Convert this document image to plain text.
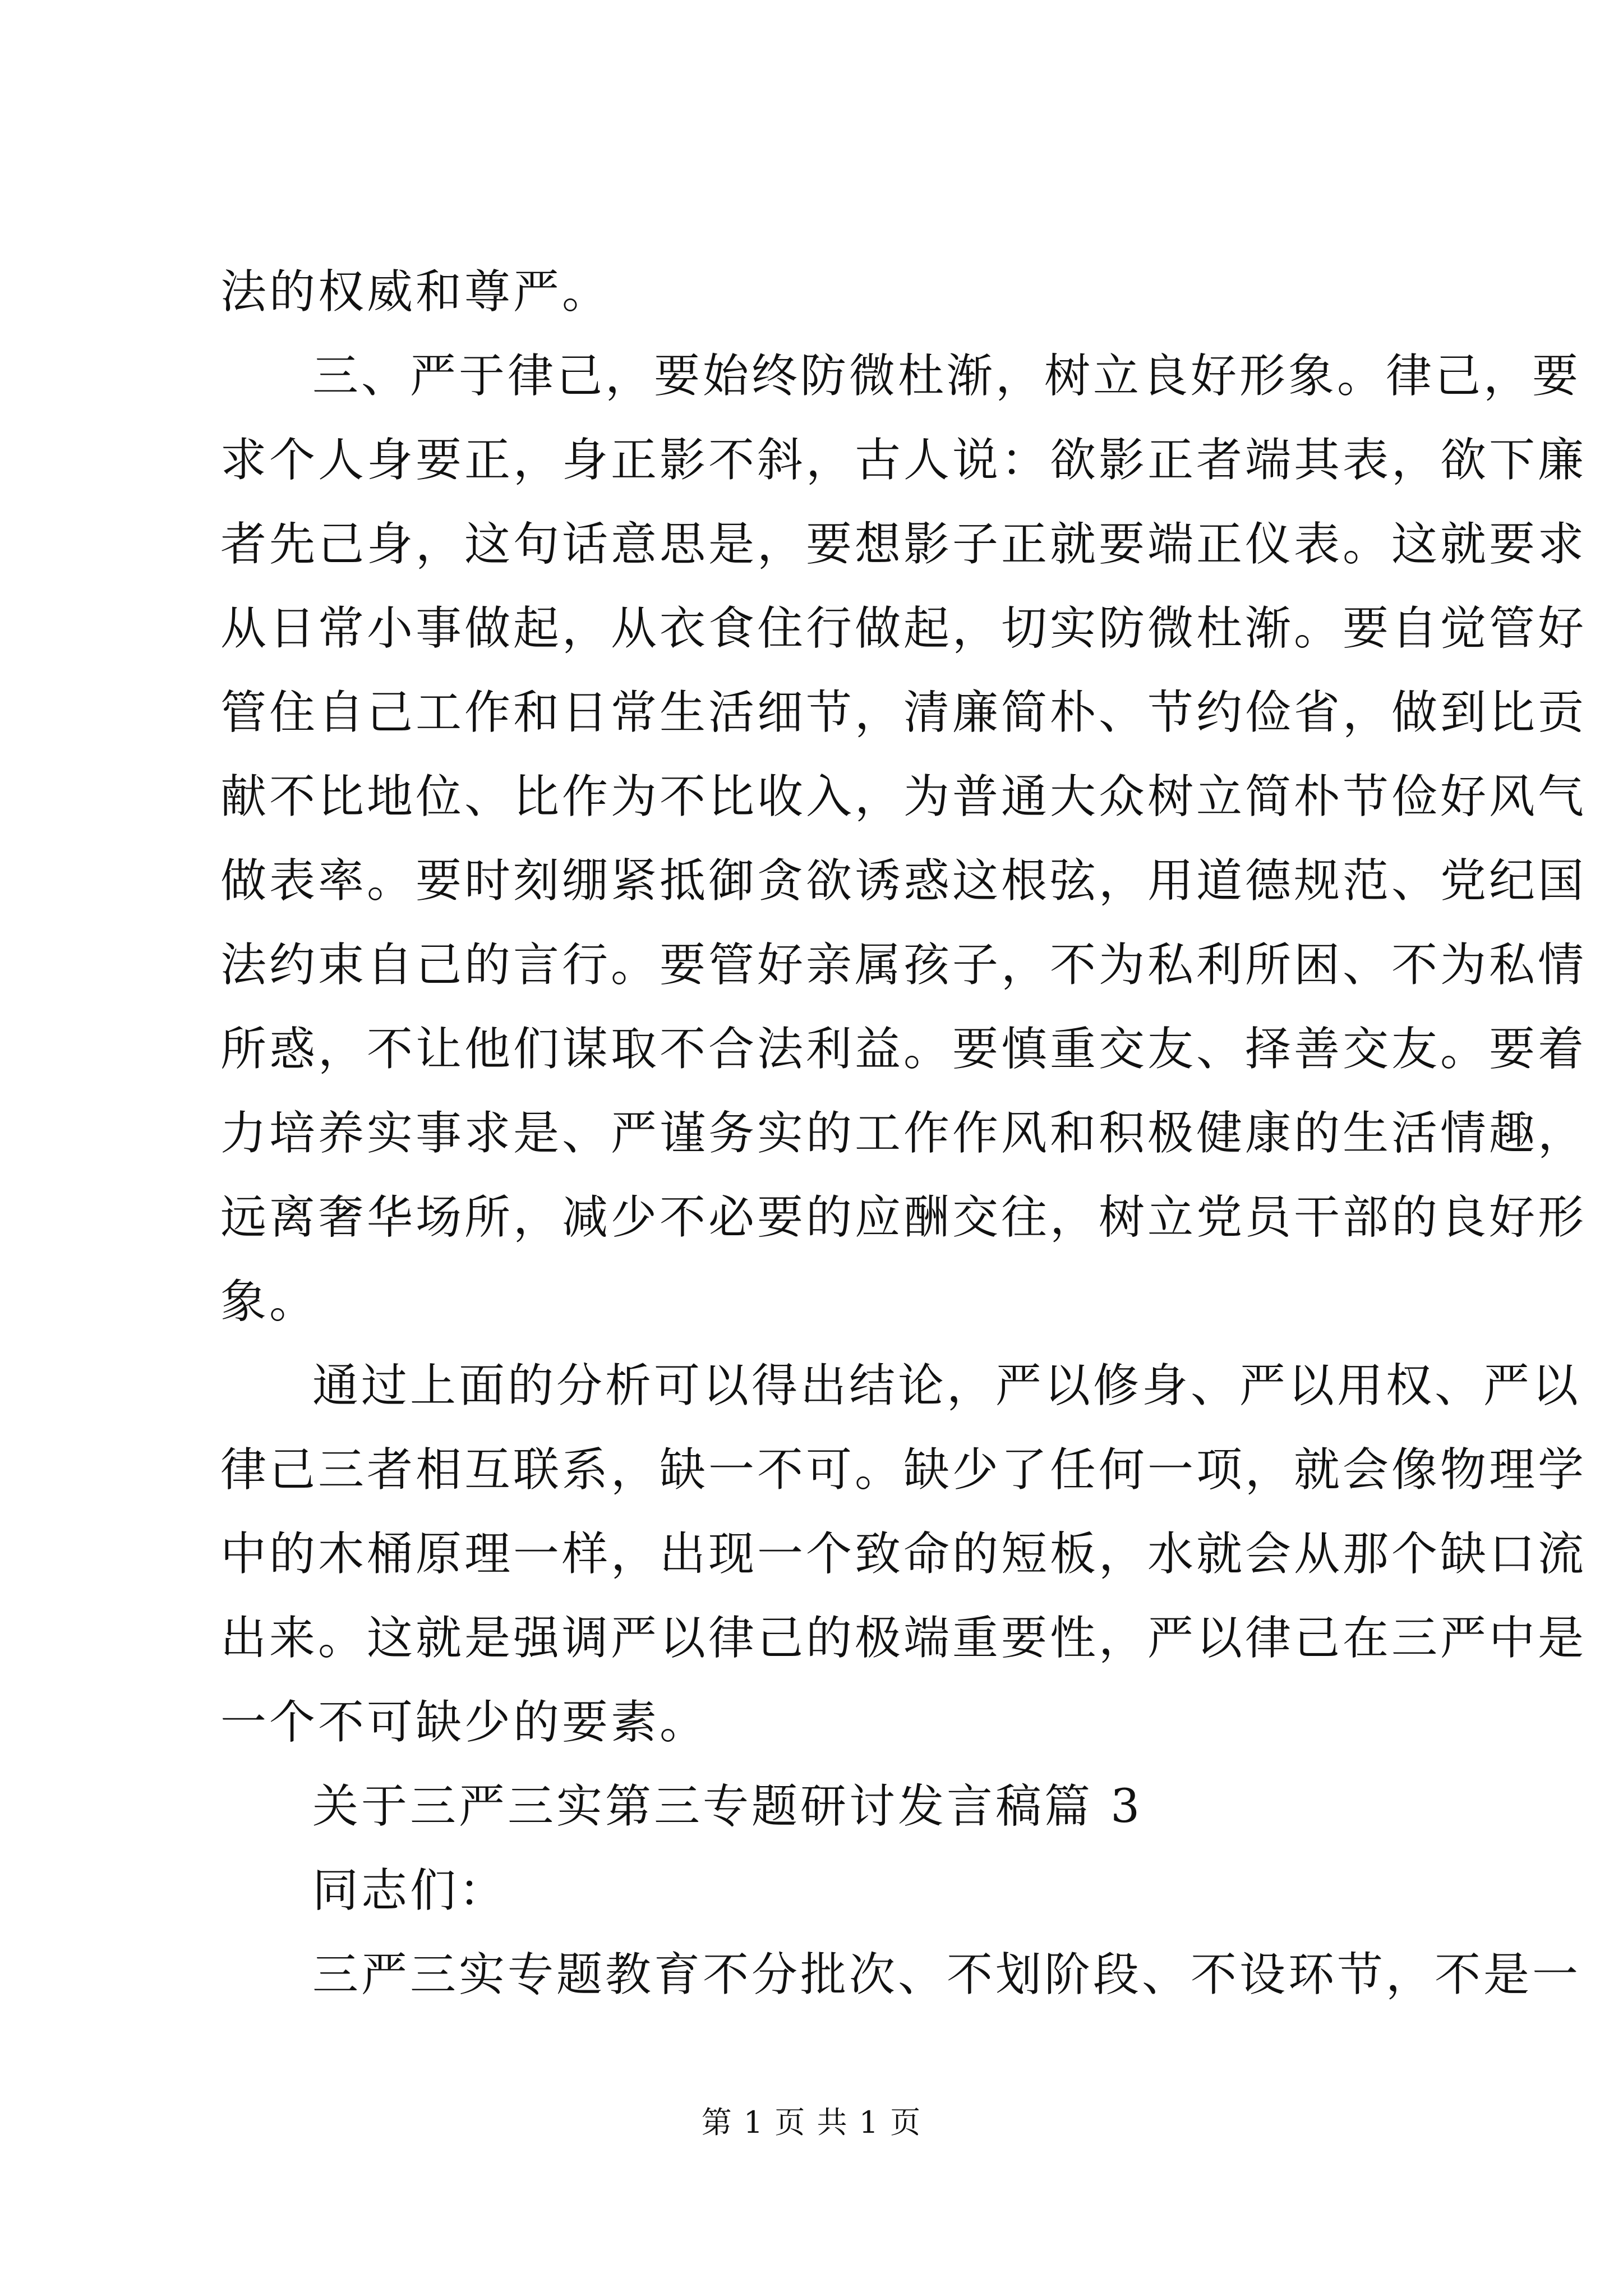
法的权威和尊严。
三、严于律己，要始终防微杜渐，树立良好形象。律己，要
求个人身要正，身正影不斜，古人说：欲影正者端其表，欲下廉
者先己身，这句话意思是，要想影子正就要端正仪表。这就要求
从日常小事做起，从衣食住行做起，切实防微杜渐。要自觉管好
管住自己工作和日常生活细节，清廉简朴、节约俭省，做到比贡
献不比地位、比作为不比收入，为普通大众树立简朴节俭好风气
做表率。要时刻绷紧抵御贪欲诱惑这根弦，用道德规范、党纪国
法约束自己的言行。要管好亲属孩子，不为私利所困、不为私情
所惑，不让他们谋取不合法利益。要慎重交友、择善交友。要着
力培养实事求是、严谨务实的工作作风和积极健康的生活情趣，
远离奢华场所，减少不必要的应酬交往，树立党员干部的良好形
象。
通过上面的分析可以得出结论，严以修身、严以用权、严以
律己三者相互联系，缺一不可。缺少了任何一项，就会像物理学
中的木桶原理一样，出现一个致命的短板，水就会从那个缺口流
出来。这就是强调严以律己的极端重要性，严以律己在三严中是
一个不可缺少的要素。
关于三严三实第三专题研讨发言稿篇 3
同志们：
三严三实专题教育不分批次、不划阶段、不设环节，不是一
第 1 页 共 1 页
